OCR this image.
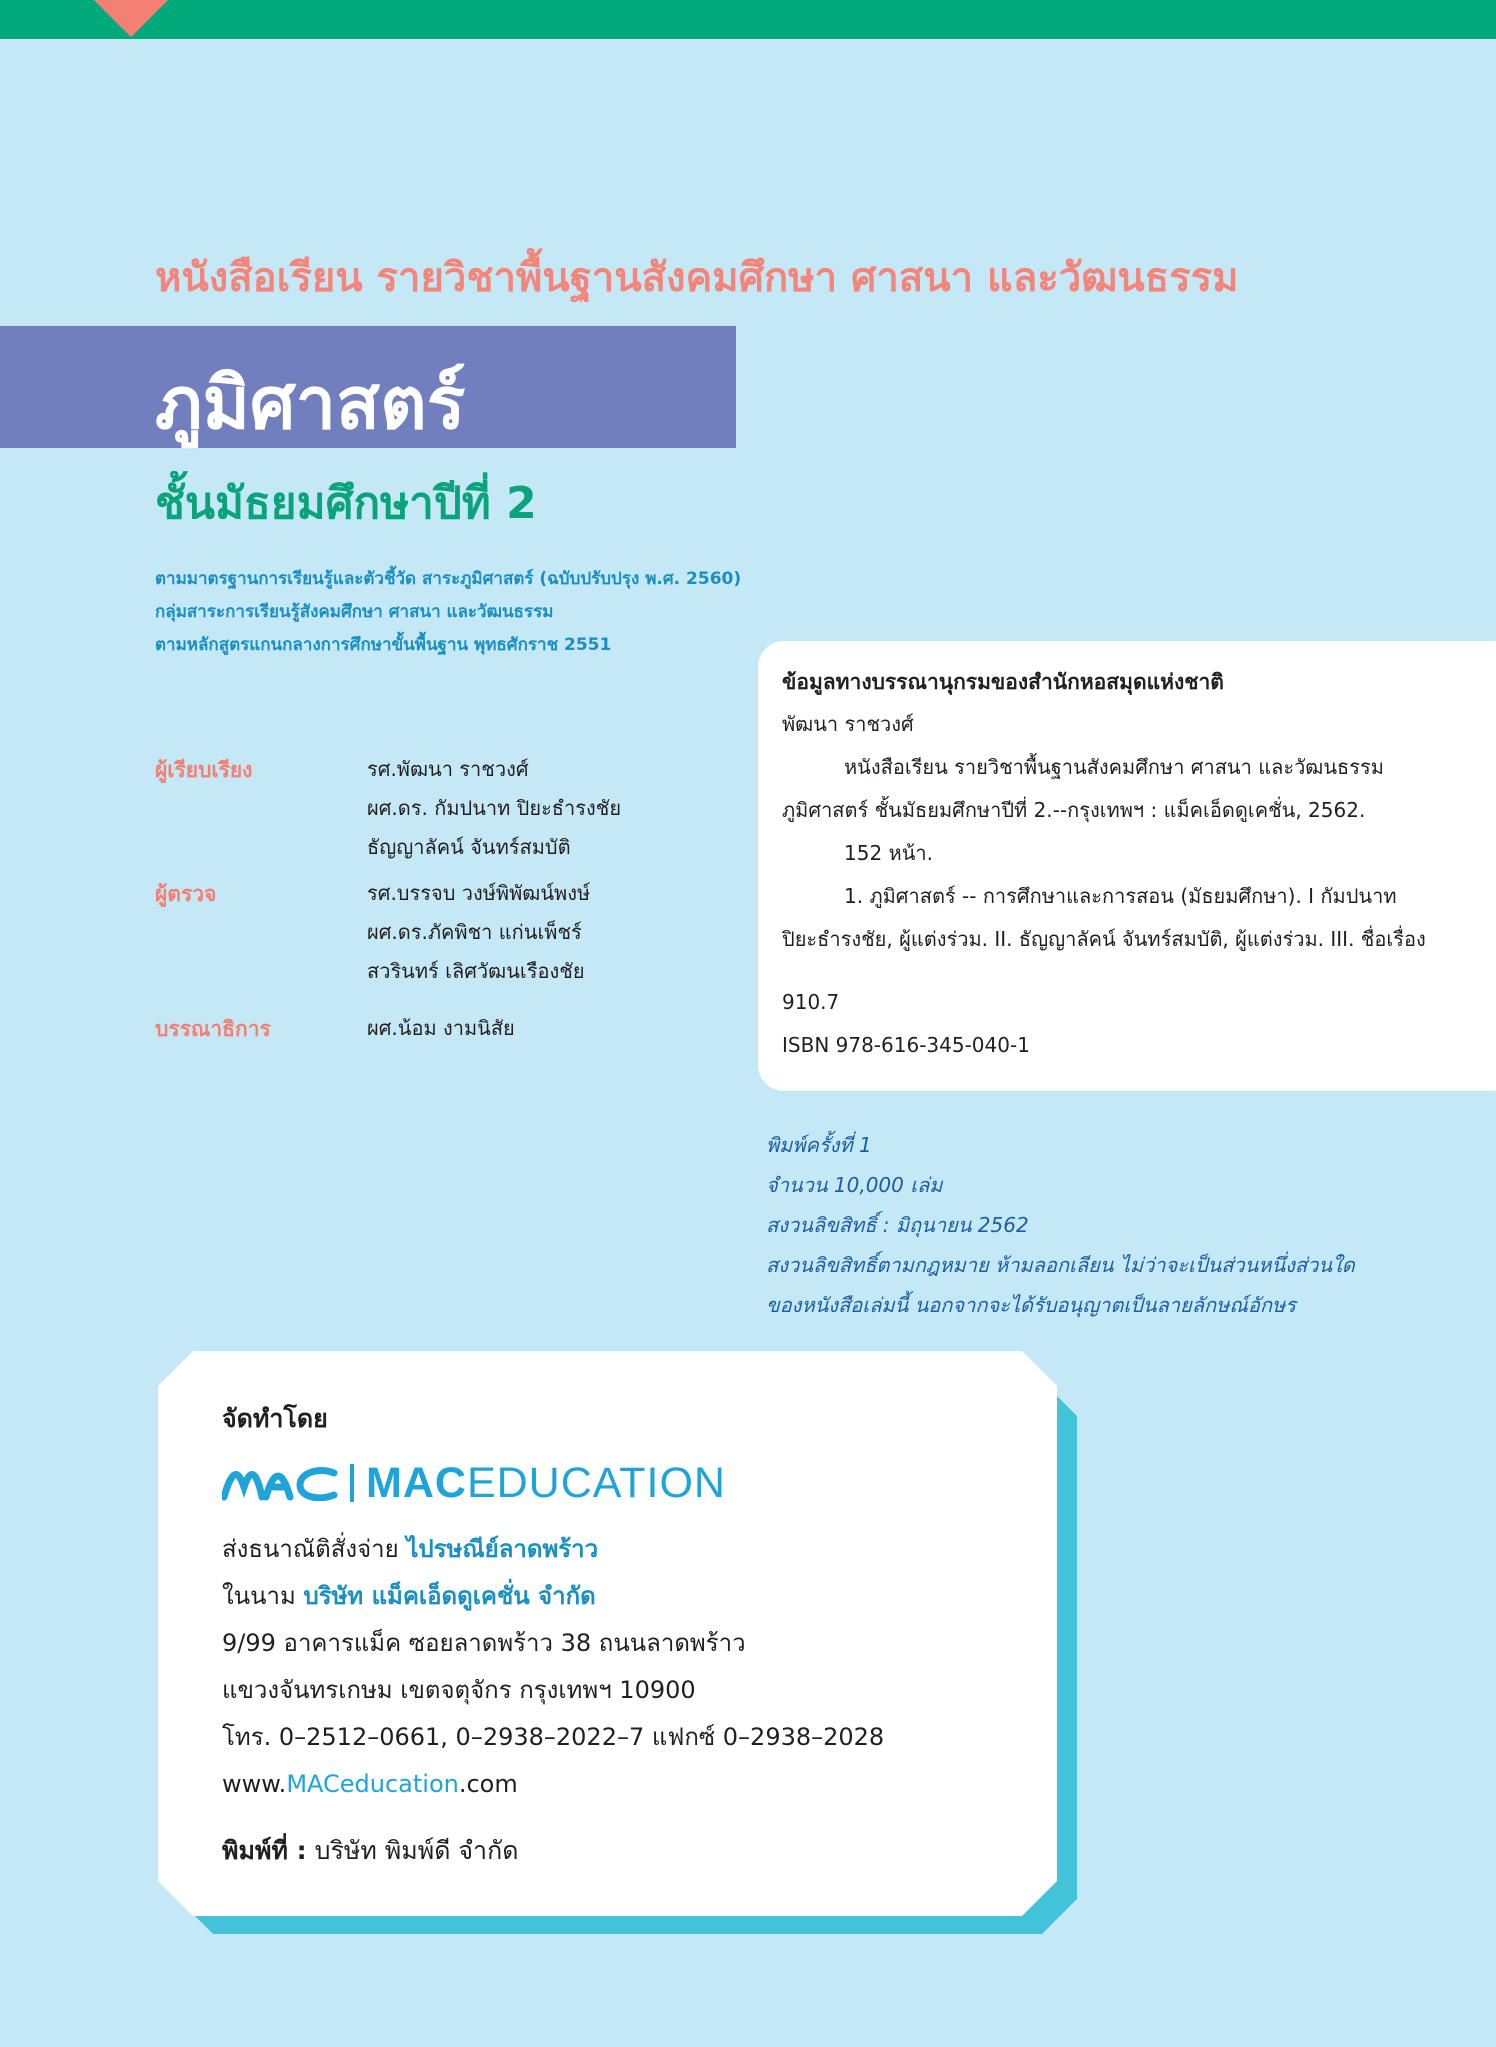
หนังสือเรียน รายวิชาพื้นฐานสังคมศึกษา ศาสนา และวัฒนธรรม
ภูมิศาสตร์
ชั้นมัธยมศึกษาปีที่ 2
ตามมาตรฐานการเรียนรู้และตัวชี้วัด สาระภูมิศาสตร์ (ฉบับปรับปรุง พ.ศ. 2560)
กลุ่มสาระการเรียนรู้สังคมศึกษา ศาสนา และวัฒนธรรม
ตามหลักสูตรแกนกลางการศึกษาขั้นพื้นฐาน พุทธศักราช 2551
ผู้เรียบเรียง	รศ.พัฒนา ราชวงศ์
ผศ.ดร. กัมปนาท ปิยะธำรงชัย
ธัญญาลัคน์ จันทร์สมบัติ
ผู้ตรวจ	รศ.บรรจบ วงษ์พิพัฒน์พงษ์
ผศ.ดร.ภัคพิชา แก่นเพ็ชร์
สวรินทร์ เลิศวัฒนเรืองชัย
บรรณาธิการ	ผศ.น้อม งามนิสัย
ข้อมูลทางบรรณานุกรมของสำนักหอสมุดแห่งชาติ
พัฒนา ราชวงศ์
หนังสือเรียน รายวิชาพื้นฐานสังคมศึกษา ศาสนา และวัฒนธรรม
ภูมิศาสตร์ ชั้นมัธยมศึกษาปีที่ 2.--กรุงเทพฯ : แม็คเอ็ดดูเคชั่น, 2562.
152 หน้า.
1. ภูมิศาสตร์ -- การศึกษาและการสอน (มัธยมศึกษา). I กัมปนาท
ปิยะธำรงชัย, ผู้แต่งร่วม. II. ธัญญาลัคน์ จันทร์สมบัติ, ผู้แต่งร่วม. III. ชื่อเรื่อง
910.7
ISBN 978-616-345-040-1
พิมพ์ครั้งที่ 1
จำนวน 10,000 เล่ม
สงวนลิขสิทธิ์ : มิถุนายน 2562
สงวนลิขสิทธิ์ตามกฎหมาย ห้ามลอกเลียน ไม่ว่าจะเป็นส่วนหนึ่งส่วนใด
ของหนังสือเล่มนี้ นอกจากจะได้รับอนุญาตเป็นลายลักษณ์อักษร
จัดทำโดย
MACEDUCATION
ส่งธนาณัติสั่งจ่าย ไปรษณีย์ลาดพร้าว
ในนาม บริษัท แม็คเอ็ดดูเคชั่น จำกัด
9/99 อาคารแม็ค ซอยลาดพร้าว 38 ถนนลาดพร้าว
แขวงจันทรเกษม เขตจตุจักร กรุงเทพฯ 10900
โทร. 0–2512–0661, 0–2938–2022–7 แฟกซ์ 0–2938–2028
www.MACeducation.com
พิมพ์ที่ : บริษัท พิมพ์ดี จำกัด
